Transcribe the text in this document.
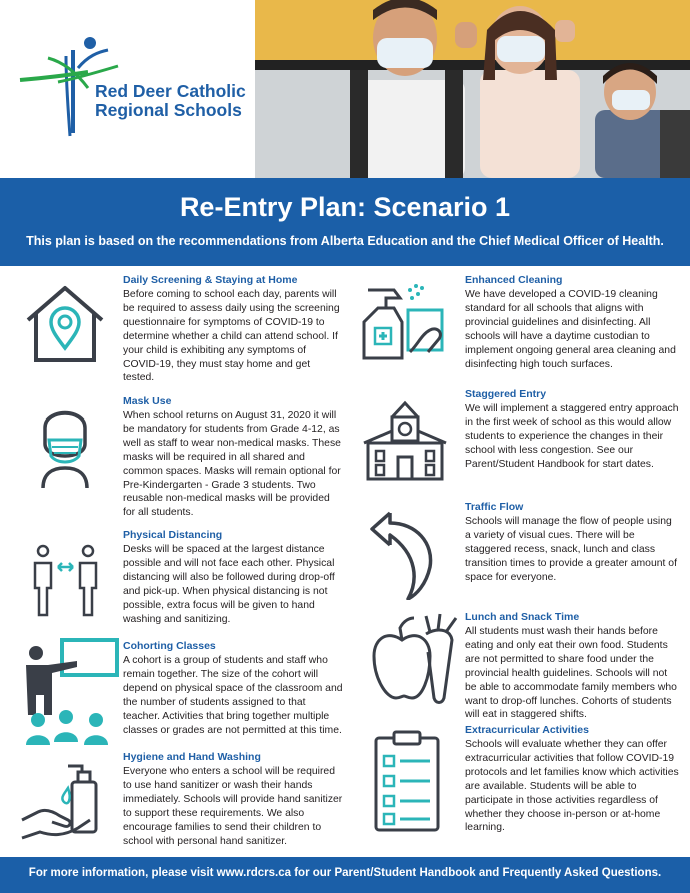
Red Deer Catholic
Regional Schools
Re-Entry Plan: Scenario 1
This plan is based on the recommendations from Alberta Education and the Chief Medical Officer of Health.
Daily Screening & Staying at Home
Before coming to school each day, parents will be required to assess daily using the screening questionnaire for symptoms of COVID-19 to determine whether a child can attend school. If your child is exhibiting any symptoms of COVID-19, they must stay home and get tested.
Mask Use
When school returns on August 31, 2020 it will be mandatory for students from Grade 4-12, as well as staff to wear non-medical masks. These masks will be required in all shared and common spaces. Masks will remain optional for Pre-Kindergarten - Grade 3 students. Two reusable non-medical masks will be provided for all students.
Physical Distancing
Desks will be spaced at the largest distance possible and will not face each other. Physical distancing will also be followed during drop-off and pick-up. When physical distancing is not possible, extra focus will be given to hand washing and sanitizing.
Cohorting Classes
A cohort is a group of students and staff who remain together. The size of the cohort will depend on physical space of the classroom and the number of students assigned to that teacher. Activities that bring together multiple classes or grades are not permitted at this time.
Hygiene and Hand Washing
Everyone who enters a school will be required to use hand sanitizer or wash their hands immediately. Schools will provide hand sanitizer to support these requirements. We also encourage families to send their children to school with personal hand sanitizer.
Enhanced Cleaning
We have developed a COVID-19 cleaning standard for all schools that aligns with provincial guidelines and disinfecting. All schools will have a daytime custodian to implement ongoing general area cleaning and disinfecting high touch surfaces.
Staggered Entry
We will implement a staggered entry approach in the first week of school as this would allow students to experience the changes in their school with less congestion. See our Parent/Student Handbook for start dates.
Traffic Flow
Schools will manage the flow of people using a variety of visual cues. There will be staggered recess, snack, lunch and class transition times to provide a greater amount of space for everyone.
Lunch and Snack Time
All students must wash their hands before eating and only eat their own food. Students are not permitted to share food under the provincial health guidelines. Schools will not be able to accommodate family members who want to drop-off lunches. Cohorts of students will eat in staggered shifts.
Extracurricular Activities
Schools will evaluate whether they can offer extracurricular activities that follow COVID-19 protocols and let families know which activities are available. Students will be able to participate in those activities regardless of whether they choose in-person or at-home learning.
For more information, please visit www.rdcrs.ca for our Parent/Student Handbook and Frequently Asked Questions.
